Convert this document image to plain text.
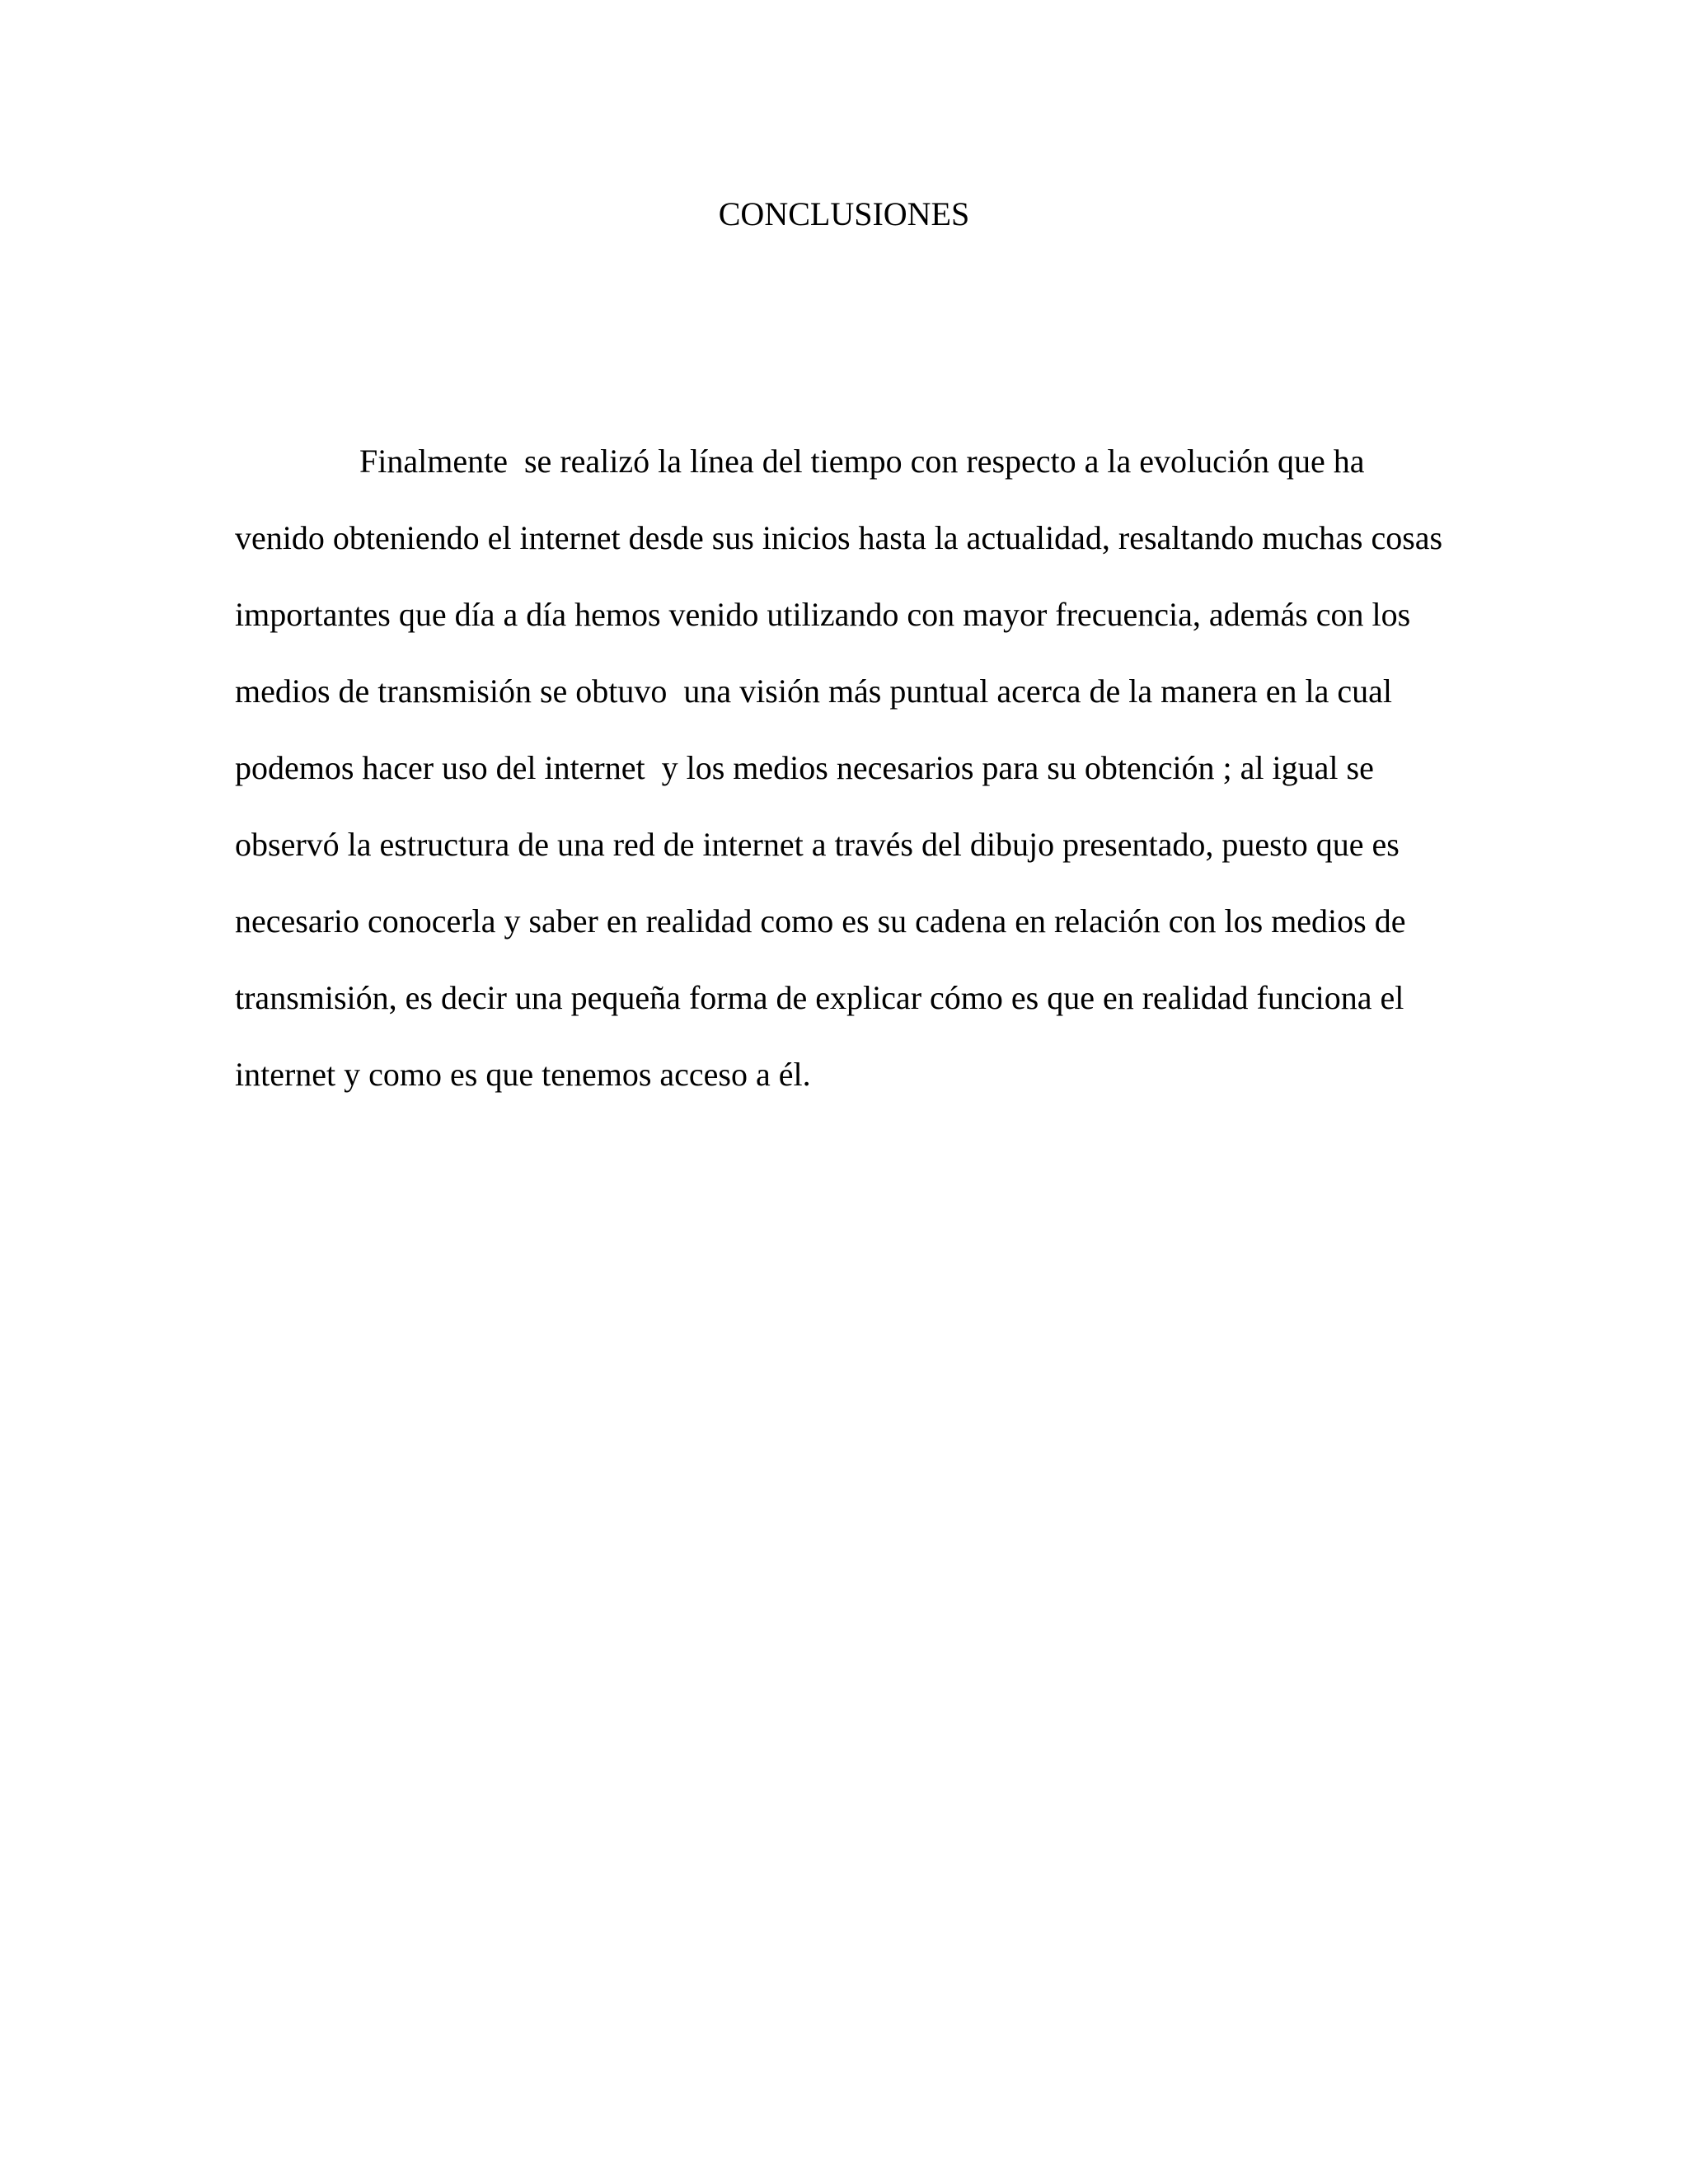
CONCLUSIONES
Finalmente  se realizó la línea del tiempo con respecto a la evolución que ha
venido obteniendo el internet desde sus inicios hasta la actualidad, resaltando muchas cosas
importantes que día a día hemos venido utilizando con mayor frecuencia, además con los
medios de transmisión se obtuvo  una visión más puntual acerca de la manera en la cual
podemos hacer uso del internet  y los medios necesarios para su obtención ; al igual se
observó la estructura de una red de internet a través del dibujo presentado, puesto que es
necesario conocerla y saber en realidad como es su cadena en relación con los medios de
transmisión, es decir una pequeña forma de explicar cómo es que en realidad funciona el
internet y como es que tenemos acceso a él.
